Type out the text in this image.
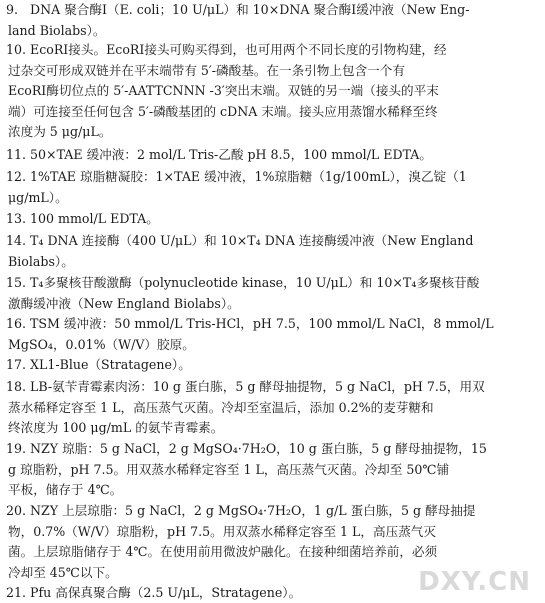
9. DNA 聚合酶Ⅰ（E. coli；10 U/μL）和 10×DNA 聚合酶Ⅰ缓冲液（New Eng-
land Biolabs）。
10. EcoRⅠ接头。EcoRⅠ接头可购买得到，也可用两个不同长度的引物构建，经
过杂交可形成双链并在平末端带有 5′-磷酸基。在一条引物上包含一个有
EcoRⅠ酶切位点的 5′-AATTCNNN -3′突出末端。双链的另一端（接头的平末
端）可连接至任何包含 5′-磷酸基团的 cDNA 末端。接头应用蒸馏水稀释至终
浓度为 5 μg/μL。
11. 50×TAE 缓冲液：2 mol/L Tris-乙酸 pH 8.5，100 mmol/L EDTA。
12. 1%TAE 琼脂糖凝胶：1×TAE 缓冲液，1%琼脂糖（1g/100mL），溴乙锭（1
μg/mL）。
13. 100 mmol/L EDTA。
14. T₄ DNA 连接酶（400 U/μL）和 10×T₄ DNA 连接酶缓冲液（New England
Biolabs）。
15. T₄多聚核苷酸激酶（polynucleotide kinase，10 U/μL）和 10×T₄多聚核苷酸
激酶缓冲液（New England Biolabs）。
16. TSM 缓冲液：50 mmol/L Tris-HCl，pH 7.5，100 mmol/L NaCl，8 mmol/L
MgSO₄，0.01%（W/V）胶原。
17. XL1-Blue（Stratagene）。
18. LB-氨苄青霉素肉汤：10 g 蛋白胨，5 g 酵母抽提物，5 g NaCl，pH 7.5，用双
蒸水稀释定容至 1 L，高压蒸气灭菌。冷却至室温后，添加 0.2%的麦芽糖和
终浓度为 100 μg/mL 的氨苄青霉素。
19. NZY 琼脂：5 g NaCl，2 g MgSO₄·7H₂O，10 g 蛋白胨，5 g 酵母抽提物，15
g 琼脂粉，pH 7.5。用双蒸水稀释定容至 1 L，高压蒸气灭菌。冷却至 50℃铺
平板，储存于 4℃。
20. NZY 上层琼脂：5 g NaCl，2 g MgSO₄·7H₂O，1 g/L 蛋白胨，5 g 酵母抽提
物，0.7%（W/V）琼脂粉，pH 7.5。用双蒸水稀释定容至 1 L，高压蒸气灭
菌。上层琼脂储存于 4℃。在使用前用微波炉融化。在接种细菌培养前，必须
冷却至 45℃以下。
21. Pfu 高保真聚合酶（2.5 U/μL，Stratagene）。	DXY.CN
